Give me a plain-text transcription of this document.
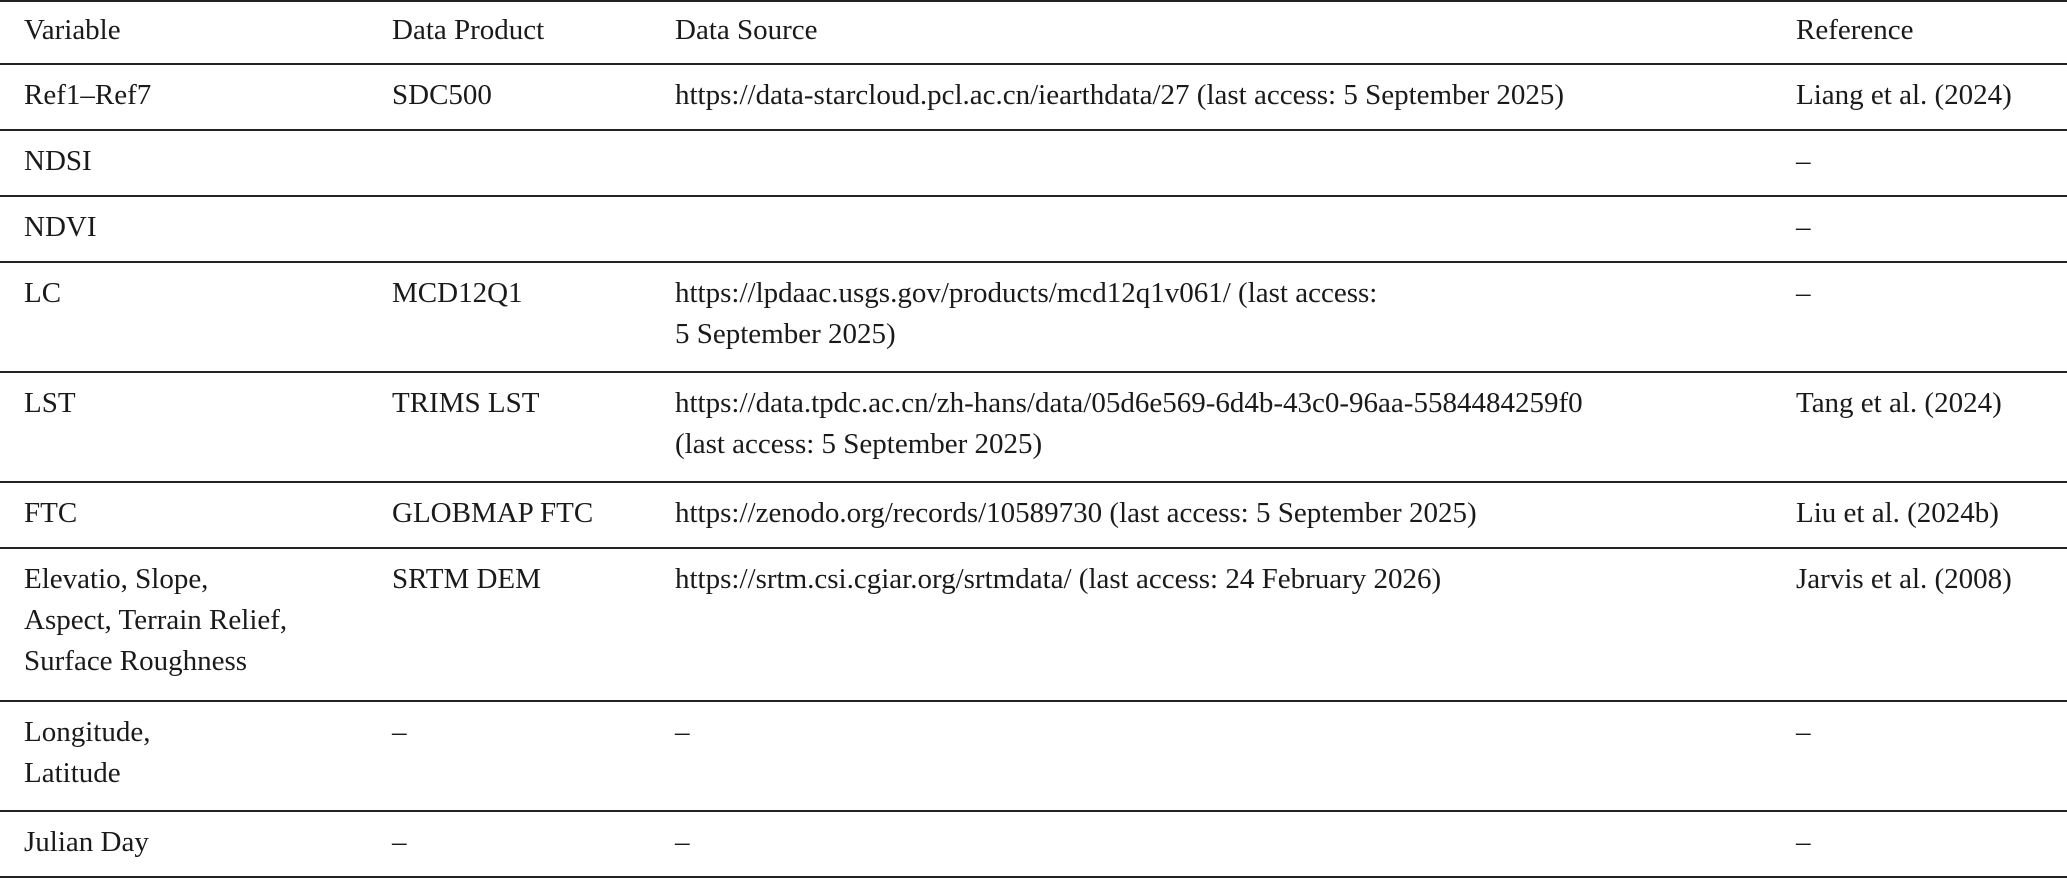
Variable	Data Product	Data Source	Reference
Ref1–Ref7	SDC500	https://data-starcloud.pcl.ac.cn/iearthdata/27 (last access: 5 September 2025)	Liang et al. (2024)
NDSI			–
NDVI			–
LC	MCD12Q1	https://lpdaac.usgs.gov/products/mcd12q1v061/ (last access:
5 September 2025)	–
LST	TRIMS LST	https://data.tpdc.ac.cn/zh-hans/data/05d6e569-6d4b-43c0-96aa-5584484259f0
(last access: 5 September 2025)	Tang et al. (2024)
FTC	GLOBMAP FTC	https://zenodo.org/records/10589730 (last access: 5 September 2025)	Liu et al. (2024b)
Elevatio, Slope,
Aspect, Terrain Relief,
Surface Roughness	SRTM DEM	https://srtm.csi.cgiar.org/srtmdata/ (last access: 24 February 2026)	Jarvis et al. (2008)
Longitude,
Latitude	–	–	–
Julian Day	–	–	–
